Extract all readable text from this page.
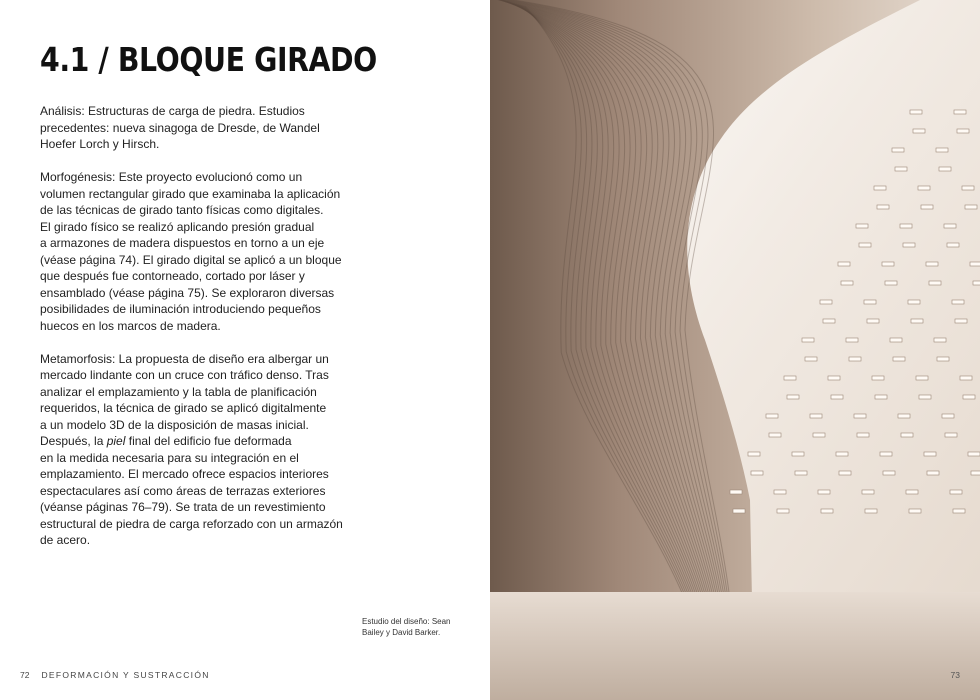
4.1 / BLOQUE GIRADO

Análisis: Estructuras de carga de piedra. Estudios
precedentes: nueva sinagoga de Dresde, de Wandel
Hoefer Lorch y Hirsch.

Morfogénesis: Este proyecto evolucionó como un
volumen rectangular girado que examinaba la aplicación
de las técnicas de girado tanto físicas como digitales.
El girado físico se realizó aplicando presión gradual
a armazones de madera dispuestos en torno a un eje
(véase página 74). El girado digital se aplicó a un bloque
que después fue contorneado, cortado por láser y
ensamblado (véase página 75). Se exploraron diversas
posibilidades de iluminación introduciendo pequeños
huecos en los marcos de madera.

Metamorfosis: La propuesta de diseño era albergar un
mercado lindante con un cruce con tráfico denso. Tras
analizar el emplazamiento y la tabla de planificación
requeridos, la técnica de girado se aplicó digitalmente
a un modelo 3D de la disposición de masas inicial.
Después, la piel final del edificio fue deformada
en la medida necesaria para su integración en el
emplazamiento. El mercado ofrece espacios interiores
espectaculares así como áreas de terrazas exteriores
(véanse páginas 76–79). Se trata de un revestimiento
estructural de piedra de carga reforzado con un armazón
de acero.

Estudio del diseño: Sean
Bailey y David Barker.
72 DEFORMACIÓN Y SUSTRACCIÓN	73
